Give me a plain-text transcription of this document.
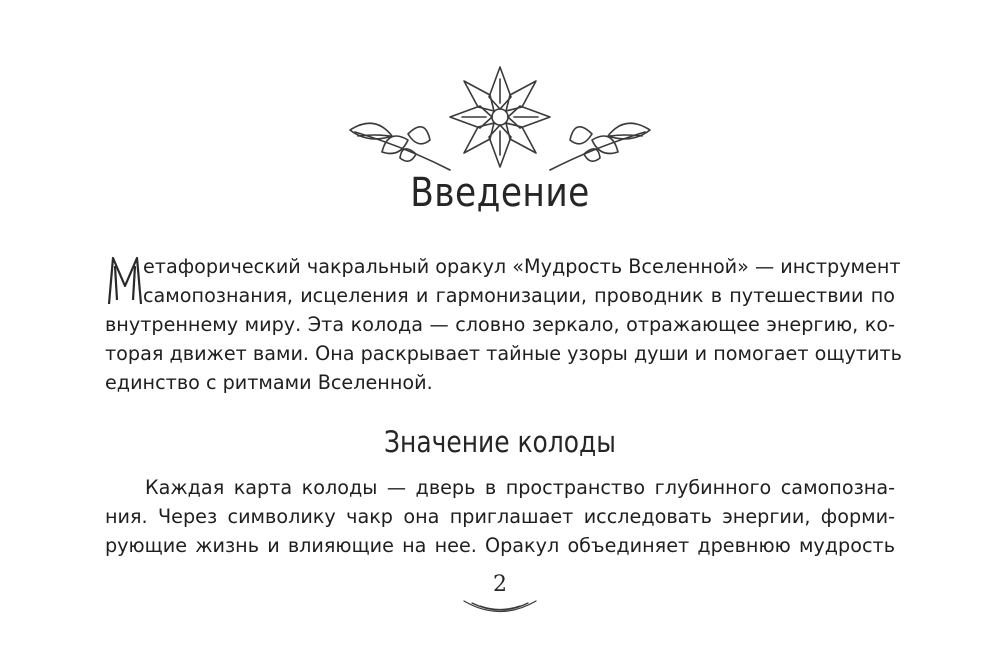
Введение
етафорический чакральный оракул «Мудрость Вселенной» — инструмент
самопознания, исцеления и гармонизации, проводник в путешествии по
внутреннему миру. Эта колода — словно зеркало, отражающее энергию, ко-
торая движет вами. Она раскрывает тайные узоры души и помогает ощутить
единство с ритмами Вселенной.
Значение колоды
Каждая карта колоды — дверь в пространство глубинного самопозна-
ния. Через символику чакр она приглашает исследовать энергии, форми-
рующие жизнь и влияющие на нее. Оракул объединяет древнюю мудрость
2
